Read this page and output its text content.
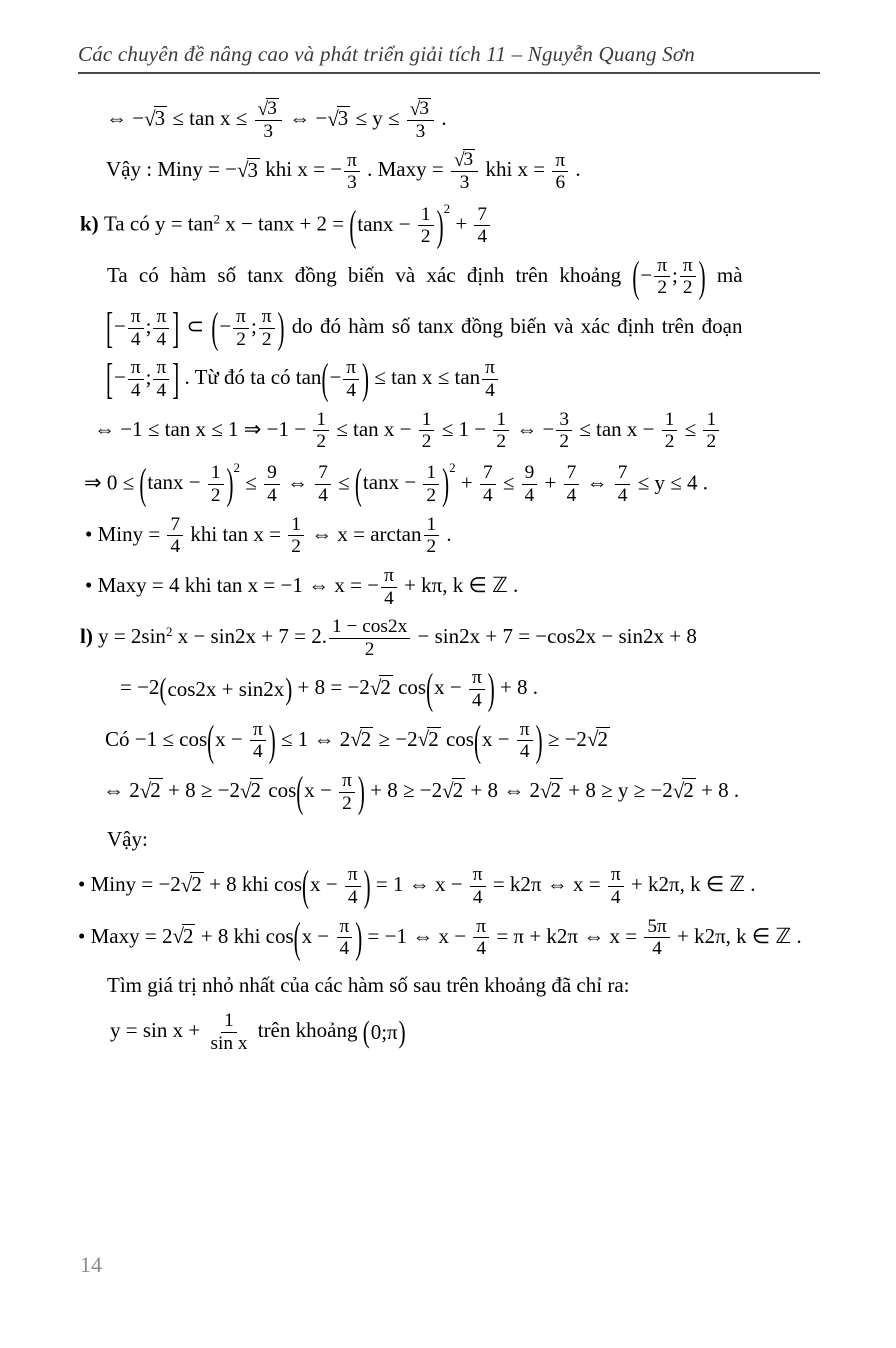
Các chuyên đề nâng cao và phát triển giải tích 11 – Nguyễn Quang Sơn
⇔ $-√3 \le \tan x \le \frac{√3}{3}$ ⇔ $-√3 \le y \le \frac{√3}{3}$ .
Vậy : Miny = −√3 khi x = − $\frac{\pi}{3}$ . Maxy = $\frac{√3}{3}$ khi $x = \frac{\pi}{6}$ .
k) Ta có $y = \tan^2 x - \tan x + 2$ = ( $\tan x - \frac{1}{2}$ ) $^2 + \frac{7}{4}$
Ta có hàm số tanx đồng biến và xác định trên khoảng ( − $\frac{\pi}{2}$ ; $\frac{\pi}{2}$ ) mà
[ − $\frac{\pi}{4}$ ; $\frac{\pi}{4}$ ] ⊂ ( − $\frac{\pi}{2}$ ; $\frac{\pi}{2}$ ) do đó hàm số tanx đồng biến và xác định trên đoạn
[ − $\frac{\pi}{4}$ ; $\frac{\pi}{4}$ ] . Từ đó ta có tan ( − $\frac{\pi}{4}$ ) ≤ $\tan x \le \tan \frac{\pi}{4}$
⇔ −1 ≤ tan x ≤ 1 ⇒ $-1 - \frac{1}{2} \le \tan x - \frac{1}{2} \le 1 - \frac{1}{2}$ ⇔ − $\frac{3}{2} \le \tan x - \frac{1}{2} \le \frac{1}{2}$
⇒ 0 ≤ ( $\tan x - \frac{1}{2}$ ) $^2 \le \frac{9}{4}$ ⇔ $\frac{7}{4}$ ≤ ( $\tan x - \frac{1}{2}$ ) $^2 + \frac{7}{4} \le \frac{9}{4} + \frac{7}{4}$ ⇔ $\frac{7}{4} \le y \le 4$ .
• Miny = $\frac{7}{4}$ khi $\tan x = \frac{1}{2}$ ⇔ $x = \arctan \frac{1}{2}$ .
• Maxy = 4 khi tan x = −1 ⇔ x = − $\frac{\pi}{4} + k\pi$, k ∈ ℤ .
l) $y = 2\sin^2$ x − sin2x + 7 = 2. $\frac{1 - \cos 2x}{2} - \sin 2x + 7 = -\cos 2x - \sin 2x + 8$
= −2 ( cos2x + sin2x ) + 8 = −2√2 cos ( $x - \frac{\pi}{4}$ ) + 8 .
Có −1 ≤ cos ( $x - \frac{\pi}{4}$ ) ≤ 1 ⇔ 2√2 ≥ −2√2 cos ( $x - \frac{\pi}{4}$ ) ≥ −2√2
⇔ 2√2 + 8 ≥ −2√2 cos ( $x - \frac{\pi}{2}$ ) + 8 ≥ −2√2 + 8 ⇔ 2√2 + 8 ≥ y ≥ −2√2 + 8 .
Vậy:
• Miny = −2√2 + 8 khi cos ( $x - \frac{\pi}{4}$ ) = 1 ⇔ $x - \frac{\pi}{4} = k2\pi$ ⇔ $x = \frac{\pi}{4} + k2\pi$, k ∈ ℤ .
• Maxy = 2√2 + 8 khi cos ( $x - \frac{\pi}{4}$ ) = −1 ⇔ $x - \frac{\pi}{4} = \pi + k2\pi$ ⇔ $x = \frac{5\pi}{4} + k2\pi$, k ∈ ℤ .
Tìm giá trị nhỏ nhất của các hàm số sau trên khoảng đã chỉ ra:
$y = \sin x + \frac{1}{\text{sin x}}$ trên khoảng ( 0;π )
14
